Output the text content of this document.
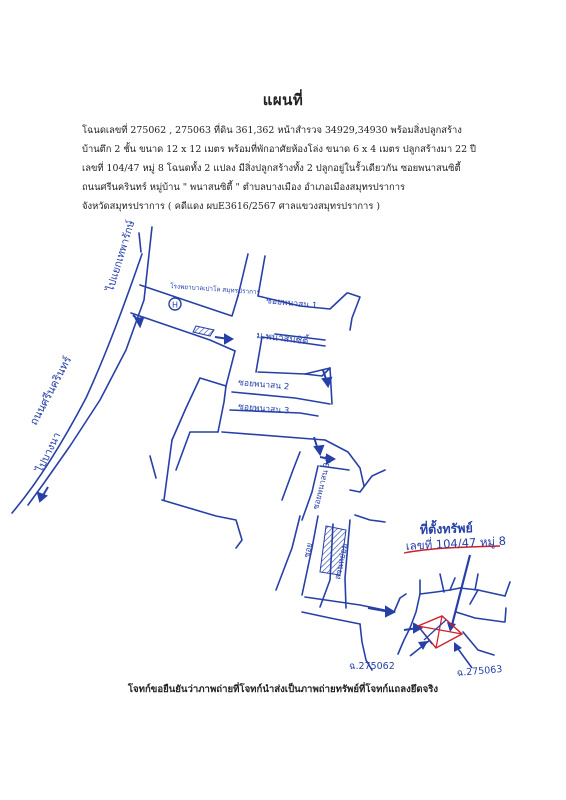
แผนที่
โฉนดเลขที่ 275062 , 275063 ที่ดิน 361,362 หน้าสำรวจ 34929,34930 พร้อมสิ่งปลูกสร้าง
บ้านตึก 2 ชั้น ขนาด 12 x 12 เมตร พร้อมที่พักอาศัยห้องโล่ง ขนาด 6 x 4 เมตร ปลูกสร้างมา 22 ปี
เลขที่ 104/47 หมู่ 8 โฉนดทั้ง 2 แปลง มีสิ่งปลูกสร้างทั้ง 2 ปลูกอยู่ในรั้วเดียวกัน ซอยพนาสนซิตี้
ถนนศรีนครินทร์ หมู่บ้าน " พนาสนซิตี้ " ตำบลบางเมือง อำเภอเมืองสมุทรปราการ
จังหวัดสมุทรปราการ ( คดีแดง ผบE3616/2567 ศาลแขวงสมุทรปราการ )
H
ไปแยกเทพารักษ์
ถนนศรีนครินทร์
ไปบางนา
โรงพยาบาลเปาโล สมุทรปราการ
ซอยพนาสน 1
ม.พนาสนซิตี้
ซอยพนาสน 2
ซอยพนาสน 3
ซอยพนาสน 3/2
ซอย สวนหย่อม
ที่ตั้งทรัพย์
เลขที่ 104/47 หมู่ 8
ฉ.275062	ฉ.275063
โจทก์ขอยืนยันว่าภาพถ่ายที่โจทก์นำส่งเป็นภาพถ่ายทรัพย์ที่โจทก์แถลงยึดจริง
